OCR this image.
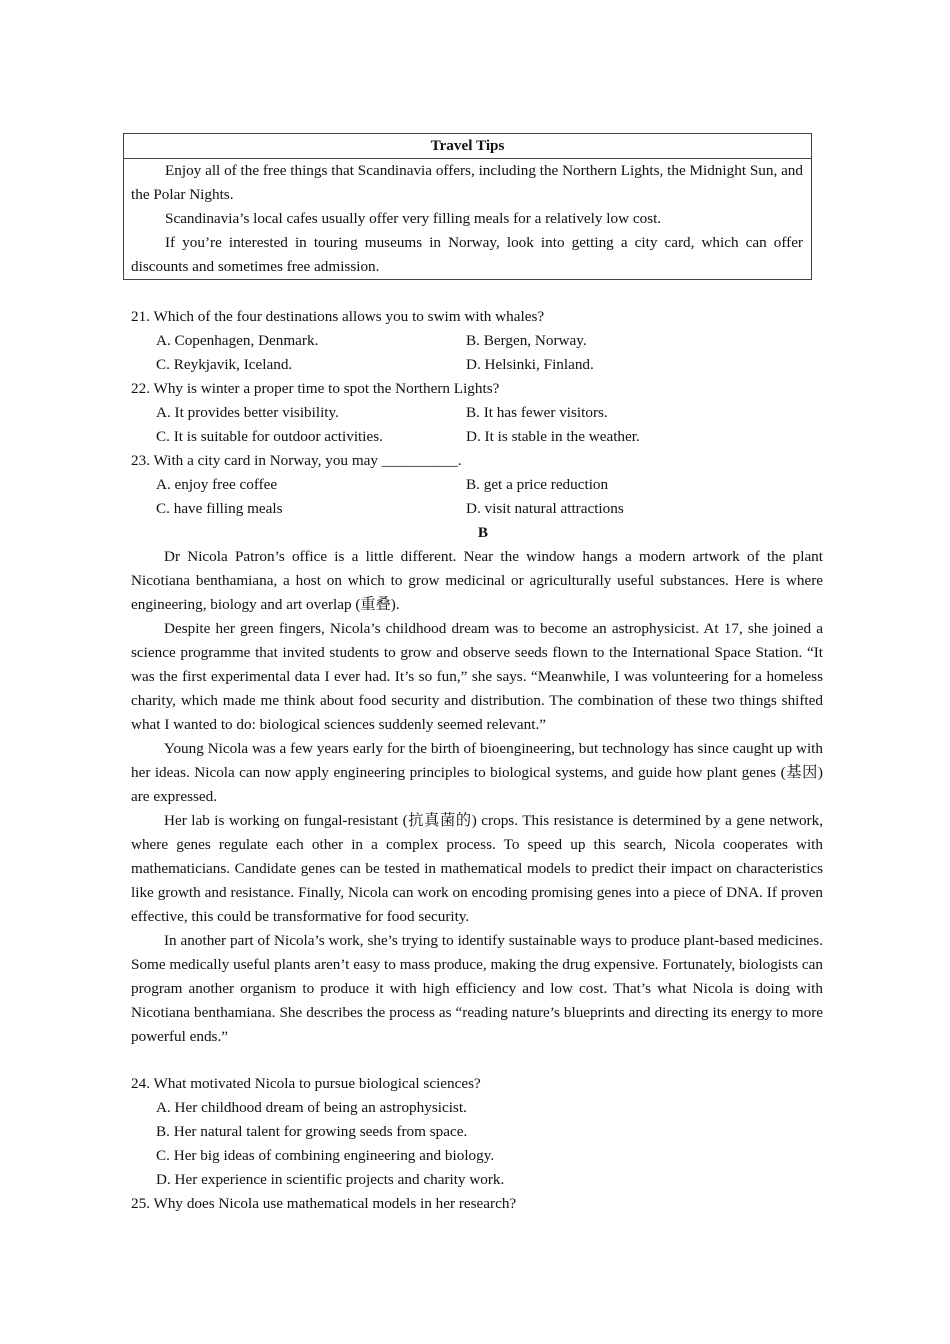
Travel Tips

Enjoy all of the free things that Scandinavia offers, including the Northern Lights, the Midnight Sun, and the Polar Nights.

Scandinavia’s local cafes usually offer very filling meals for a relatively low cost.

If you’re interested in touring museums in Norway, look into getting a city card, which can offer discounts and sometimes free admission.

21. Which of the four destinations allows you to swim with whales?
A. Copenhagen, Denmark.	B. Bergen, Norway.
C. Reykjavik, Iceland.	D. Helsinki, Finland.
22. Why is winter a proper time to spot the Northern Lights?
A. It provides better visibility.	B. It has fewer visitors.
C. It is suitable for outdoor activities.	D. It is stable in the weather.
23. With a city card in Norway, you may __________.
A. enjoy free coffee	B. get a price reduction
C. have filling meals	D. visit natural attractions
B

Dr Nicola Patron’s office is a little different. Near the window hangs a modern artwork of the plant Nicotiana benthamiana, a host on which to grow medicinal or agriculturally useful substances. Here is where engineering, biology and art overlap (重叠).

Despite her green fingers, Nicola’s childhood dream was to become an astrophysicist. At 17, she joined a science programme that invited students to grow and observe seeds flown to the International Space Station. “It was the first experimental data I ever had. It’s so fun,” she says. “Meanwhile, I was volunteering for a homeless charity, which made me think about food security and distribution. The combination of these two things shifted what I wanted to do: biological sciences suddenly seemed relevant.”

Young Nicola was a few years early for the birth of bioengineering, but technology has since caught up with her ideas. Nicola can now apply engineering principles to biological systems, and guide how plant genes (基因) are expressed.

Her lab is working on fungal-resistant (抗真菌的) crops. This resistance is determined by a gene network, where genes regulate each other in a complex process. To speed up this search, Nicola cooperates with mathematicians. Candidate genes can be tested in mathematical models to predict their impact on characteristics like growth and resistance. Finally, Nicola can work on encoding promising genes into a piece of DNA. If proven effective, this could be transformative for food security.

In another part of Nicola’s work, she’s trying to identify sustainable ways to produce plant-based medicines. Some medically useful plants aren’t easy to mass produce, making the drug expensive. Fortunately, biologists can program another organism to produce it with high efficiency and low cost. That’s what Nicola is doing with Nicotiana benthamiana. She describes the process as “reading nature’s blueprints and directing its energy to more powerful ends.”

24. What motivated Nicola to pursue biological sciences?
A. Her childhood dream of being an astrophysicist.
B. Her natural talent for growing seeds from space.
C. Her big ideas of combining engineering and biology.
D. Her experience in scientific projects and charity work.
25. Why does Nicola use mathematical models in her research?
